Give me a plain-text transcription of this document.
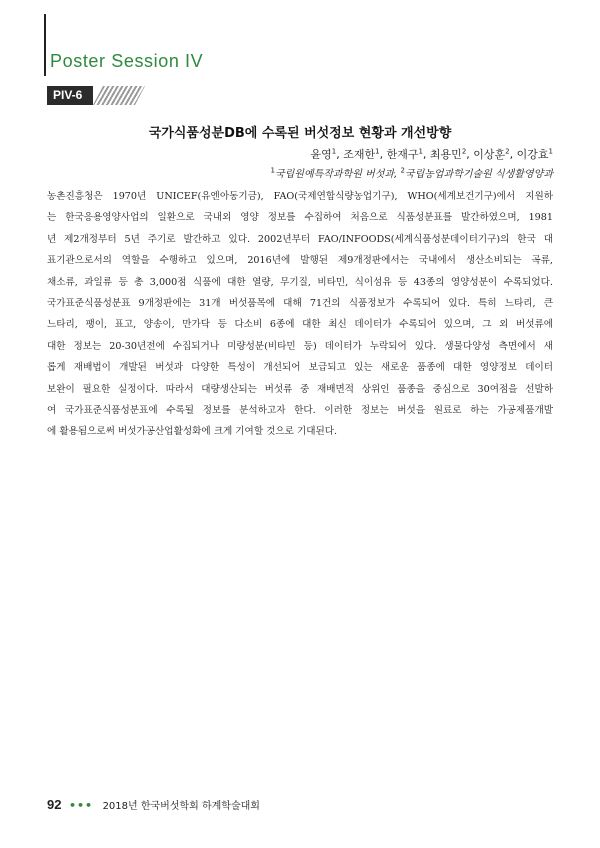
Poster Session IV
PIV-6
국가식품성분DB에 수록된 버섯정보 현황과 개선방향
윤영$^1$, 조재한$^1$, 한재구$^1$, 최용민$^2$, 이상훈$^2$, 이강효$^1$
$^1$국립원예특작과학원 버섯과, $^2$국립농업과학기술원 식생활영양과
농촌진흥청은 1970년 UNICEF(유엔아동기금), FAO(국제연합식량농업기구), WHO(세계보건기구)에서 지원하
는 한국응용영양사업의 일환으로 국내외 영양 정보를 수집하여 처음으로 식품성분표를 발간하였으며, 1981
년 제2개정부터 5년 주기로 발간하고 있다. 2002년부터 FAO/INFOODS(세계식품성분데이터기구)의 한국 대
표기관으로서의 역할을 수행하고 있으며, 2016년에 발행된 제9개정판에서는 국내에서 생산소비되는 곡류,
채소류, 과일류 등 총 3,000점 식품에 대한 열량, 무기질, 비타민, 식이섬유 등 43종의 영양성분이 수록되었다.
국가표준식품성분표 9개정판에는 31개 버섯품목에 대해 71건의 식품정보가 수록되어 있다. 특히 느타리, 큰
느타리, 팽이, 표고, 양송이, 만가닥 등 다소비 6종에 대한 최신 데이터가 수록되어 있으며, 그 외 버섯류에
대한 정보는 20-30년전에 수집되거나 미량성분(비타민 등) 데이터가 누락되어 있다. 생물다양성 측면에서 새
롭게 재배법이 개발된 버섯과 다양한 특성이 개선되어 보급되고 있는 새로운 품종에 대한 영양정보 데이터
보완이 필요한 실정이다. 따라서 대량생산되는 버섯류 중 재배면적 상위인 품종을 중심으로 30여점을 선발하
여 국가표준식품성분표에 수록될 정보를 분석하고자 한다. 이러한 정보는 버섯을 원료로 하는 가공제품개발
에 활용됨으로써 버섯가공산업활성화에 크게 기여할 것으로 기대된다.
92 ••• 2018년 한국버섯학회 하계학술대회
